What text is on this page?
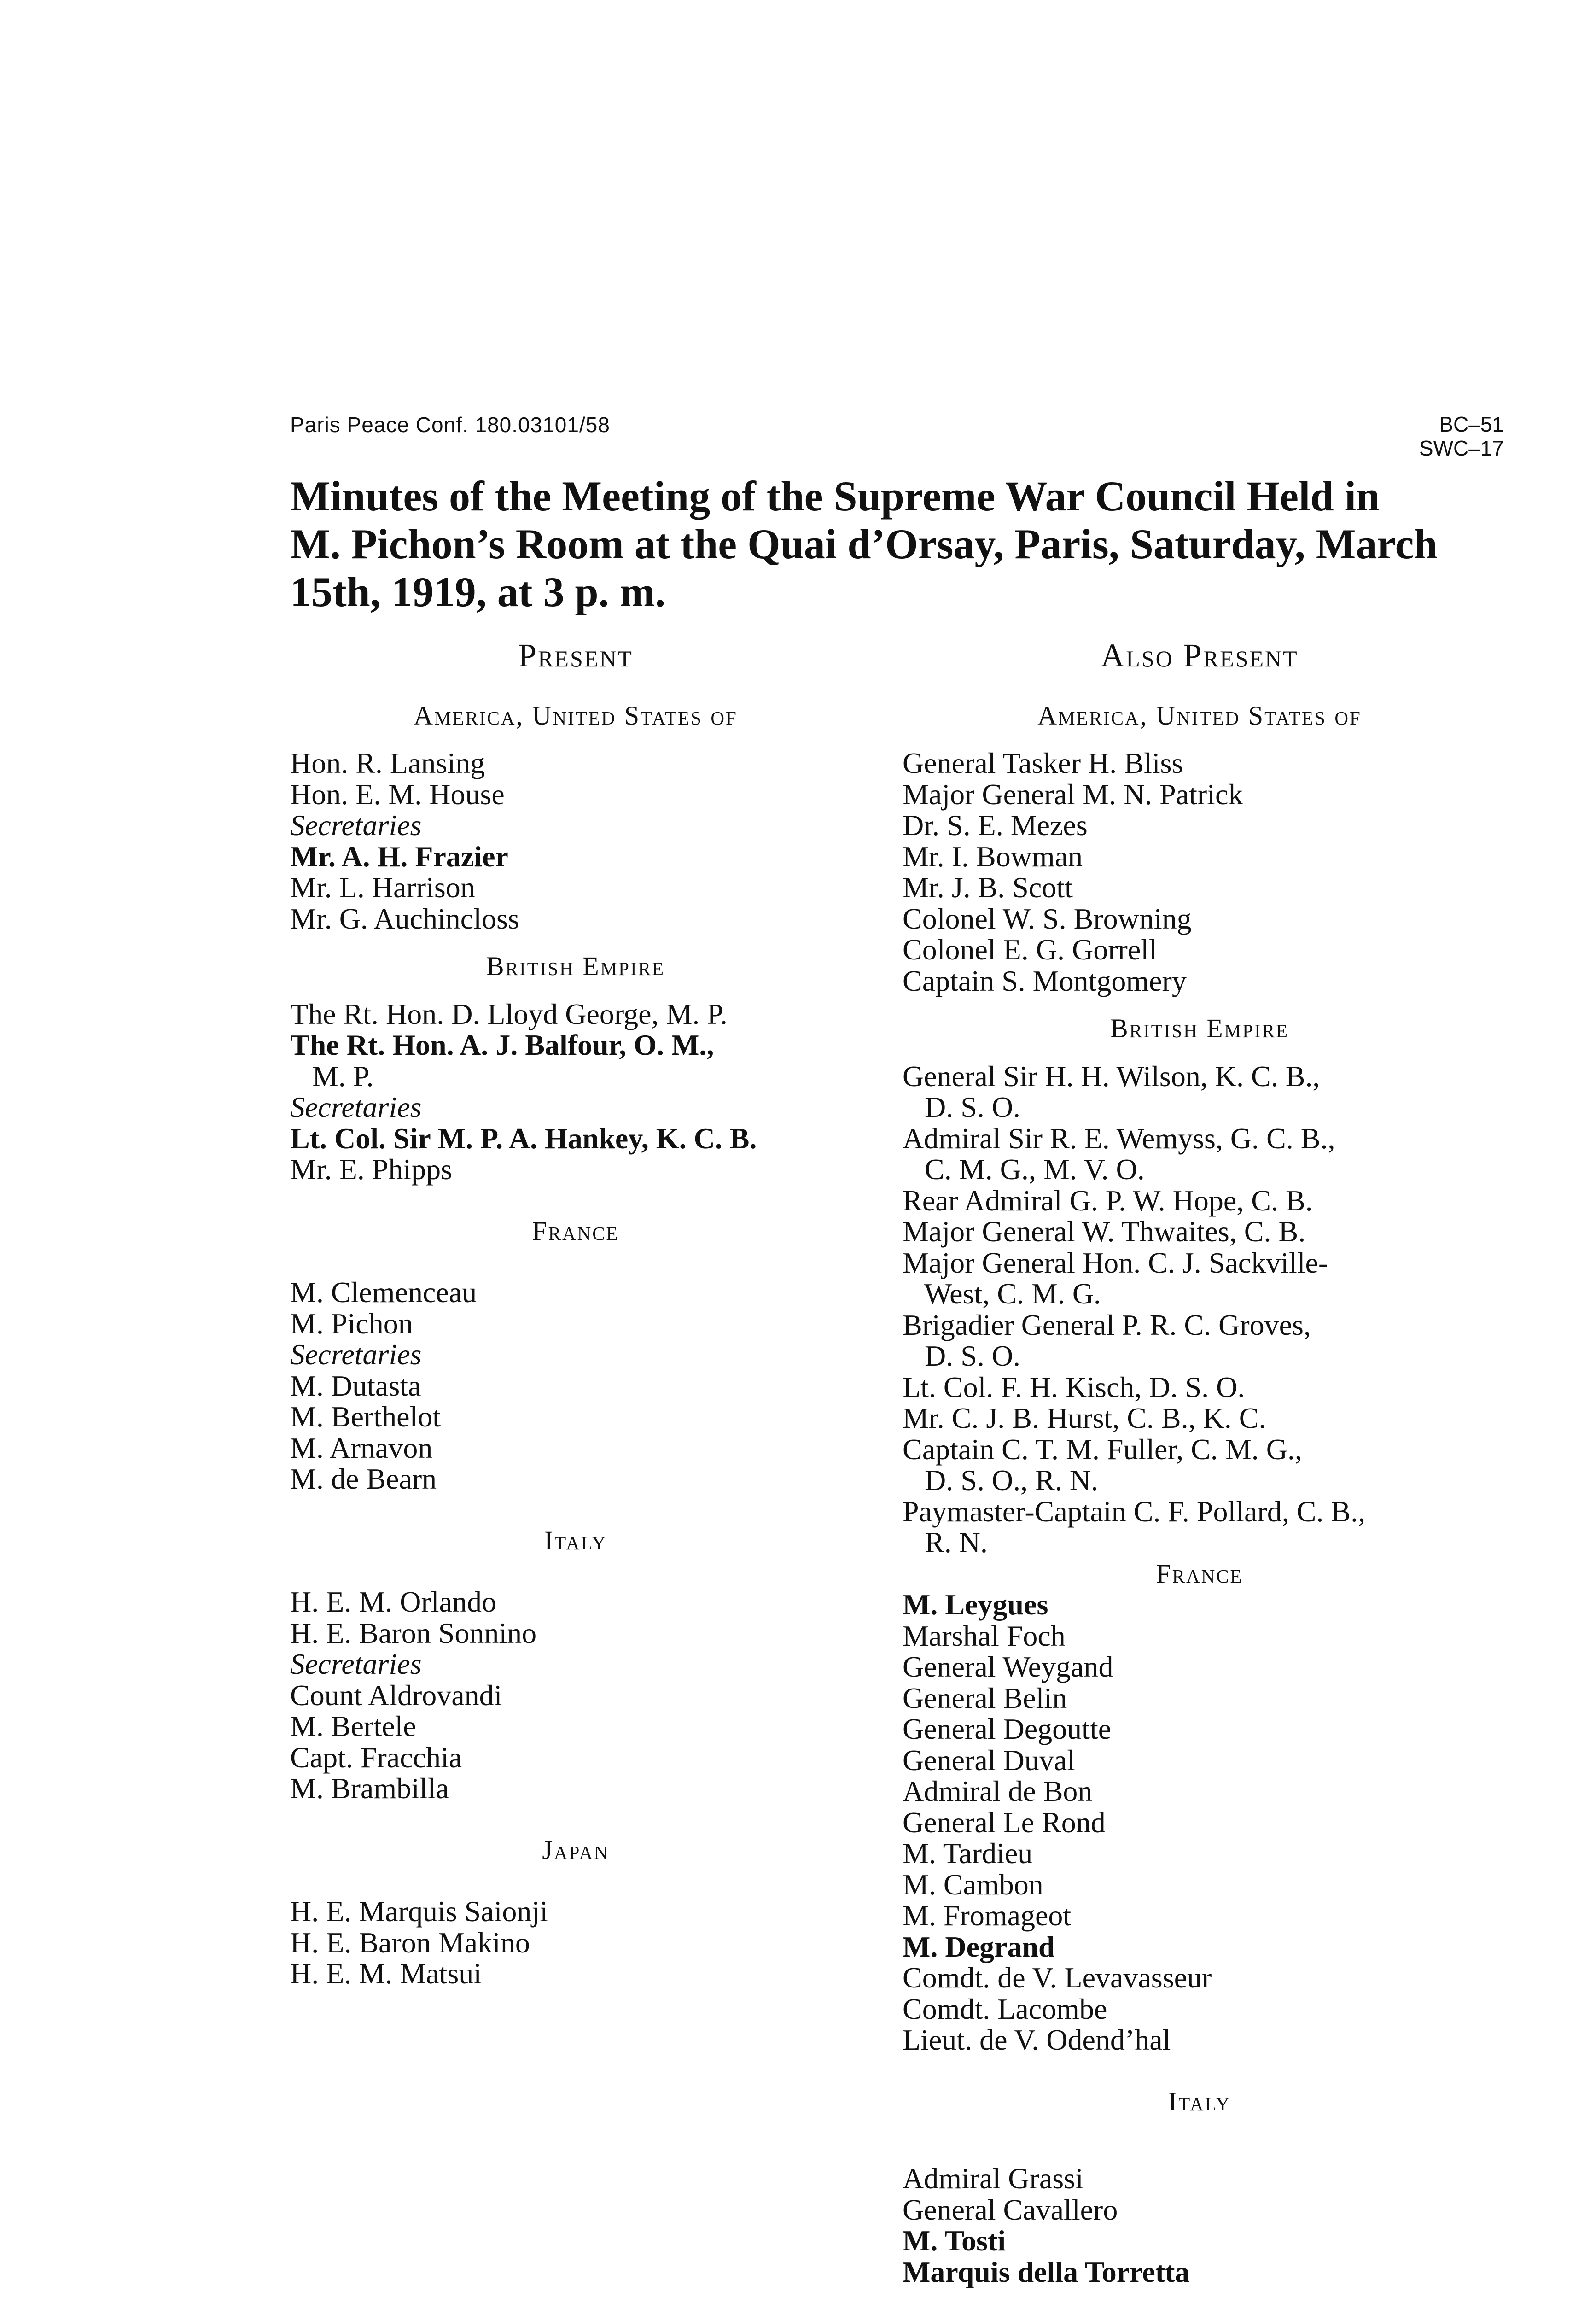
Paris Peace Conf. 180.03101/58	BC–51
SWC–17
Minutes of the Meeting of the Supreme War Council Held in
M. Pichon’s Room at the Quai d’Orsay, Paris, Saturday, March
15th, 1919, at 3 p. m.
Present
America, United States of
Hon. R. Lansing
Hon. E. M. House
Secretaries
Mr. A. H. Frazier
Mr. L. Harrison
Mr. G. Auchincloss
British Empire
The Rt. Hon. D. Lloyd George, M. P.
The Rt. Hon. A. J. Balfour, O. M.,
M. P.
Secretaries
Lt. Col. Sir M. P. A. Hankey, K. C. B.
Mr. E. Phipps
France
M. Clemenceau
M. Pichon
Secretaries
M. Dutasta
M. Berthelot
M. Arnavon
M. de Bearn
Italy
H. E. M. Orlando
H. E. Baron Sonnino
Secretaries
Count Aldrovandi
M. Bertele
Capt. Fracchia
M. Brambilla
Japan
H. E. Marquis Saionji
H. E. Baron Makino
H. E. M. Matsui
Also Present
America, United States of
General Tasker H. Bliss
Major General M. N. Patrick
Dr. S. E. Mezes
Mr. I. Bowman
Mr. J. B. Scott
Colonel W. S. Browning
Colonel E. G. Gorrell
Captain S. Montgomery
British Empire
General Sir H. H. Wilson, K. C. B.,
D. S. O.
Admiral Sir R. E. Wemyss, G. C. B.,
C. M. G., M. V. O.
Rear Admiral G. P. W. Hope, C. B.
Major General W. Thwaites, C. B.
Major General Hon. C. J. Sackville-
West, C. M. G.
Brigadier General P. R. C. Groves,
D. S. O.
Lt. Col. F. H. Kisch, D. S. O.
Mr. C. J. B. Hurst, C. B., K. C.
Captain C. T. M. Fuller, C. M. G.,
D. S. O., R. N.
Paymaster-Captain C. F. Pollard, C. B.,
R. N.
France
M. Leygues
Marshal Foch
General Weygand
General Belin
General Degoutte
General Duval
Admiral de Bon
General Le Rond
M. Tardieu
M. Cambon
M. Fromageot
M. Degrand
Comdt. de V. Levavasseur
Comdt. Lacombe
Lieut. de V. Odend’hal
Italy
Admiral Grassi
General Cavallero
M. Tosti
Marquis della Torretta
